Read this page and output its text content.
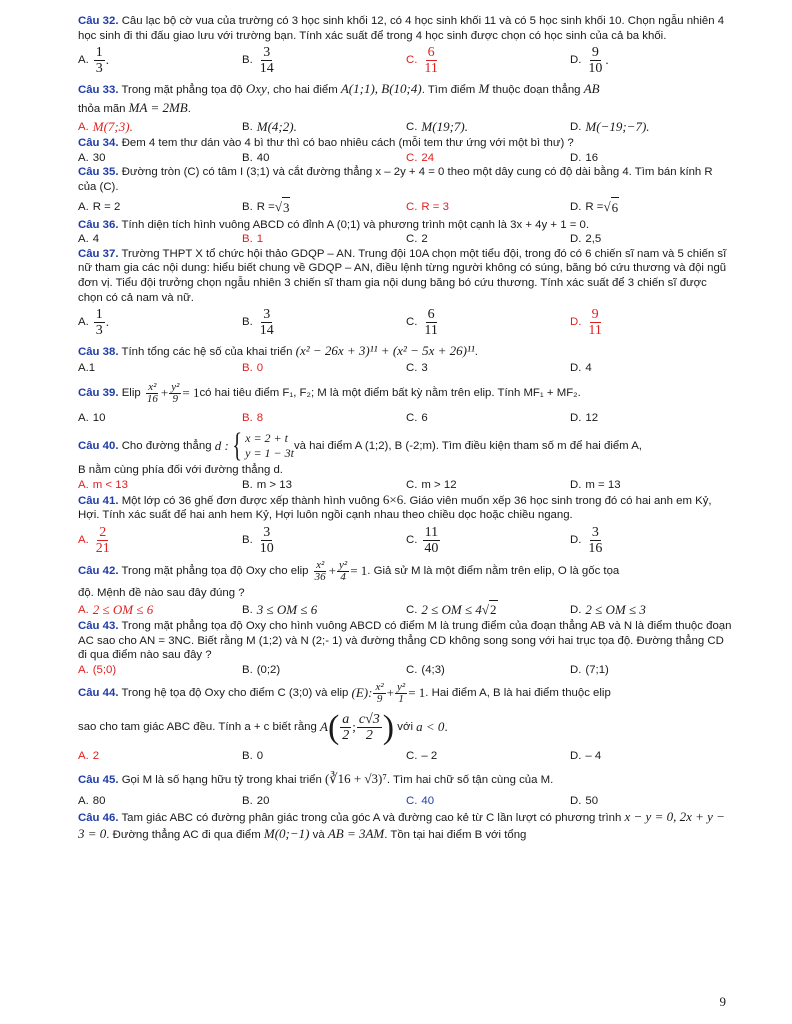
Câu 32. Câu lạc bộ cờ vua của trường có 3 học sinh khối 12, có 4 học sinh khối 11 và có 5 học sinh khối 10. Chọn ngẫu nhiên 4 học sinh đi thi đấu giao lưu với trường bạn. Tính xác suất để trong 4 học sinh được chọn có học sinh của cả ba khối.
A. $\frac{1}{3}$ .	B. $\frac{3}{14}$	C. $\frac{6}{11}$	D. $\frac{9}{10}$ .
Câu 33. Trong mặt phẳng tọa độ Oxy, cho hai điểm A(1;1), B(10;4). Tìm điểm M thuộc đoạn thẳng AB
thỏa mãn MA = 2MB.
A. M(7;3).	B. M(4;2).	C. M(19;7).	D. M(−19;−7).
Câu 34. Đem 4 tem thư dán vào 4 bì thư thì có bao nhiêu cách (mỗi tem thư ứng với một bì thư) ?
A. 30	B. 40	C. 24	D. 16
Câu 35. Đường tròn (C) có tâm I (3;1) và cắt đường thẳng x – 2y + 4 = 0 theo một dây cung có độ dài bằng 4. Tìm bán kính R của (C).
A. R = 2	B. R = √ 3	C. R = 3	D. R = √ 6
Câu 36. Tính diện tích hình vuông ABCD có đỉnh A (0;1) và phương trình một cạnh là 3x + 4y + 1 = 0.
A. 4	B. 1	C. 2	D. 2,5
Câu 37. Trường THPT X tổ chức hội thảo GDQP – AN. Trung đội 10A chọn một tiểu đội, trong đó có 6 chiến sĩ nam và 5 chiến sĩ nữ tham gia các nội dung: hiểu biết chung về GDQP – AN, điều lệnh từng người không có súng, băng bó cứu thương và đội ngũ đơn vị. Tiểu đội trưởng chọn ngẫu nhiên 3 chiến sĩ tham gia nội dung băng bó cứu thương. Tính xác suất để 3 chiến sĩ được chọn có cả nam và nữ.
A. $\frac{1}{3}$ .	B. $\frac{3}{14}$	C. $\frac{6}{11}$	D. $\frac{9}{11}$
Câu 38. Tính tổng các hệ số của khai triển (x² − 26x + 3)¹¹ + (x² − 5x + 26)¹¹.
A. 1	B. 0	C. 3	D. 4
Câu 39. Elip $\frac{\text{x²}}{16} + \frac{\text{y²}}{9} = 1$ có hai tiêu điểm F₁, F₂; M là một điểm bất kỳ nằm trên elip. Tính MF₁ + MF₂.
A. 10	B. 8	C. 6	D. 12
Câu 40. Cho đường thẳng d : { x = 2 + t
y = 1 − 3t
và hai điểm A (1;2), B (-2;m). Tìm điều kiện tham số m để hai điểm A,
B nằm cùng phía đối với đường thẳng d.
A. m < 13	B. m > 13	C. m > 12	D. m = 13
Câu 41. Một lớp có 36 ghế đơn được xếp thành hình vuông 6×6. Giáo viên muốn xếp 36 học sinh trong đó có hai anh em Kỷ, Hợi. Tính xác suất để hai anh hem Kỷ, Hợi luôn ngồi cạnh nhau theo chiều dọc hoặc chiều ngang.
A. $\frac{2}{21}$	B. $\frac{3}{10}$	C. $\frac{11}{40}$	D. $\frac{3}{16}$
Câu 42. Trong mặt phẳng tọa độ Oxy cho elip $\frac{\text{x²}}{36} + \frac{\text{y²}}{4} = 1$ . Giả sử M là một điểm nằm trên elip, O là gốc tọa
độ. Mệnh đề nào sau đây đúng ?
A. 2 ≤ OM ≤ 6	B. 3 ≤ OM ≤ 6	C. 2 ≤ OM ≤ 4 √ 2	D. 2 ≤ OM ≤ 3
Câu 43. Trong mặt phẳng tọa độ Oxy cho hình vuông ABCD có điểm M là trung điểm của đoạn thẳng AB và N là điểm thuộc đoạn AC sao cho AN = 3NC. Biết rằng M (1;2) và N (2;- 1) và đường thẳng CD không song song với hai trục tọa độ. Đường thẳng CD đi qua điểm nào sau đây ?
A. (5;0)	B. (0;2)	C. (4;3)	D. (7;1)
Câu 44. Trong hệ tọa độ Oxy cho điểm C (3;0) và elip (E): $\frac{\text{x²}}{9} + \frac{\text{y²}}{1} = 1$ . Hai điểm A, B là hai điểm thuộc elip
sao cho tam giác ABC đều. Tính a + c biết rằng A ( $\frac{a}{2}$ ; $\frac{c√3}{2}$ ) với a < 0 .
A. 2	B. 0	C. – 2	D. – 4
Câu 45. Gọi M là số hạng hữu tỷ trong khai triển (∛16 + √3)⁷. Tìm hai chữ số tận cùng của M.
A. 80	B. 20	C. 40	D. 50
Câu 46. Tam giác ABC có đường phân giác trong của góc A và đường cao kẻ từ C lần lượt có phương trình x − y = 0, 2x + y − 3 = 0. Đường thẳng AC đi qua điểm M(0;−1) và AB = 3AM. Tồn tại hai điểm B với tổng
9
